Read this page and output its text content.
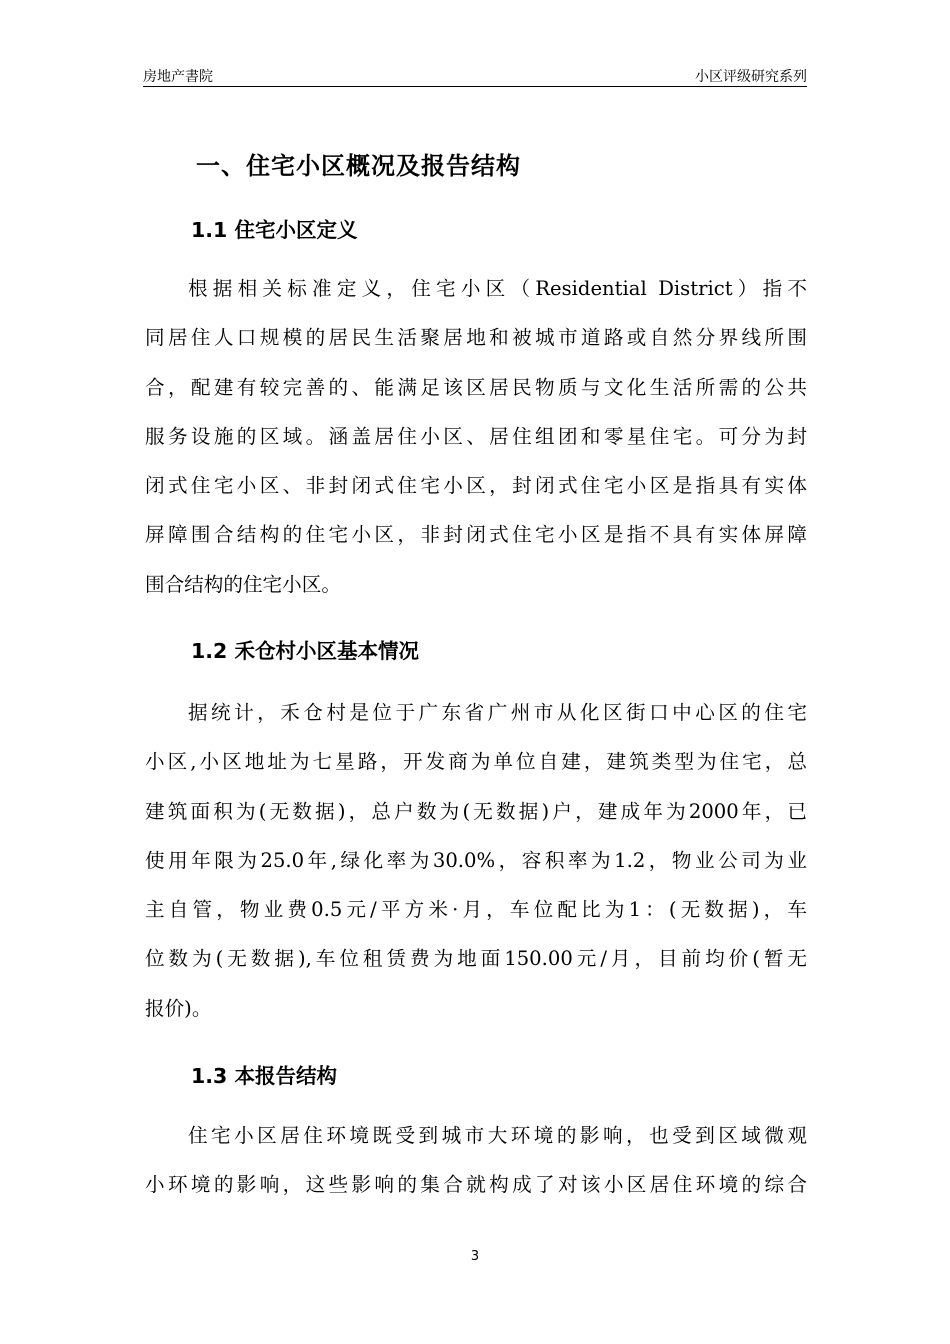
房地产書院	小区评级研究系列
一、住宅小区概况及报告结构
1.1 住宅小区定义
根据相关标准定义，住宅小区（Residential District）指不
同居住人口规模的居民生活聚居地和被城市道路或自然分界线所围
合，配建有较完善的、能满足该区居民物质与文化生活所需的公共
服务设施的区域。涵盖居住小区、居住组团和零星住宅。可分为封
闭式住宅小区、非封闭式住宅小区，封闭式住宅小区是指具有实体
屏障围合结构的住宅小区，非封闭式住宅小区是指不具有实体屏障
围合结构的住宅小区。
1.2 禾仓村小区基本情况
据统计，禾仓村是位于广东省广州市从化区街口中心区的住宅
小区,小区地址为七星路，开发商为单位自建，建筑类型为住宅，总
建筑面积为(无数据)，总户数为(无数据)户，建成年为2000年，已
使用年限为25.0年,绿化率为30.0%，容积率为1.2，物业公司为业
主自管，物业费0.5元/平方米·月，车位配比为1：(无数据)，车
位数为(无数据),车位租赁费为地面150.00元/月，目前均价(暂无
报价)。
1.3 本报告结构
住宅小区居住环境既受到城市大环境的影响，也受到区域微观
小环境的影响，这些影响的集合就构成了对该小区居住环境的综合
3
